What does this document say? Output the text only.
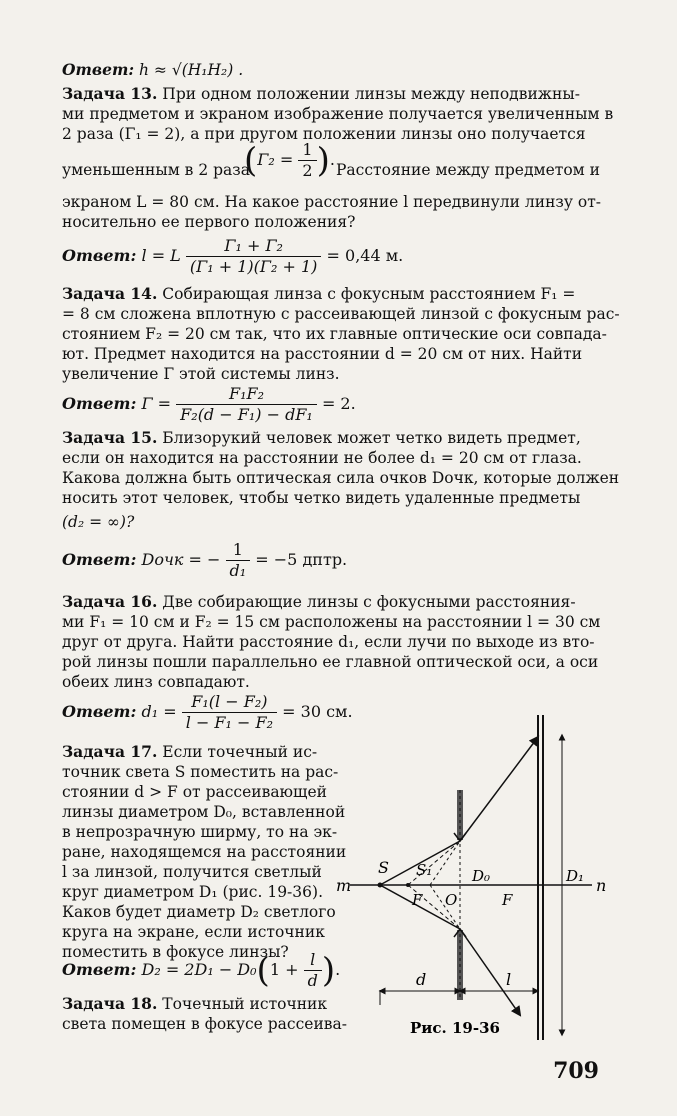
Ответ: h ≈ √(H₁H₂) .
Задача 13. При одном положении линзы между неподвижны-
ми предметом и экраном изображение получается увеличенным в
2 раза (Γ₁ = 2), а при другом положении линзы оно получается
уменьшенным в 2 раза
($\Gamma_2 = \frac{1}{2}$ ).
Расстояние между предметом и
экраном L = 80 см. На какое расстояние l передвинули линзу от-
носительно ее первого положения?
Ответ: l = L $\frac{\text{Γ₁ + Γ₂}}{\text{(Γ₁ + 1)(Γ₂ + 1)}} = 0,44$ м.
Задача 14. Собирающая линза с фокусным расстоянием F₁ =
= 8 см сложена вплотную с рассеивающей линзой с фокусным рас-
стоянием F₂ = 20 см так, что их главные оптические оси совпада-
ют. Предмет находится на расстоянии d = 20 см от них. Найти
увеличение Γ этой системы линз.
Ответ: $\Gamma = \frac{\text{F₁F₂}}{\text{F₂(d − F₁) − dF₁}} = 2$.
Задача 15. Близорукий человек может четко видеть предмет,
если он находится на расстоянии не более d₁ = 20 см от глаза.
Какова должна быть оптическая сила очков Dочк, которые должен
носить этот человек, чтобы четко видеть удаленные предметы
(d₂ = ∞)?
Ответ: Dочк = − $\frac{1}{\text{d₁}} = -5$ дптр.
Задача 16. Две собирающие линзы с фокусными расстояния-
ми F₁ = 10 см и F₂ = 15 см расположены на расстоянии l = 30 см
друг от друга. Найти расстояние d₁, если лучи по выходе из вто-
рой линзы пошли параллельно ее главной оптической оси, а оси
обеих линз совпадают.
Ответ: $d_1 = \frac{\text{F₁(l − F₂)}}{\text{l − F₁ − F₂}} = 30$ см.
Задача 17. Если точечный ис-
точник света S поместить на рас-
стоянии d > F от рассеивающей
линзы диаметром D₀, вставленной
в непрозрачную ширму, то на эк-
ране, находящемся на расстоянии
l за линзой, получится светлый
круг диаметром D₁ (рис. 19-36).
Каков будет диаметр D₂ светлого
круга на экране, если источник
поместить в фокусе линзы?
Ответ: $D_2 = 2D_1 - D_0(1 + \frac{l}{d}$ ).
Задача 18. Точечный источник
света помещен в фокусе рассеива-
S S₁
m	n
D₀	D₁
F O	F
d	l
Рис. 19-36
709
